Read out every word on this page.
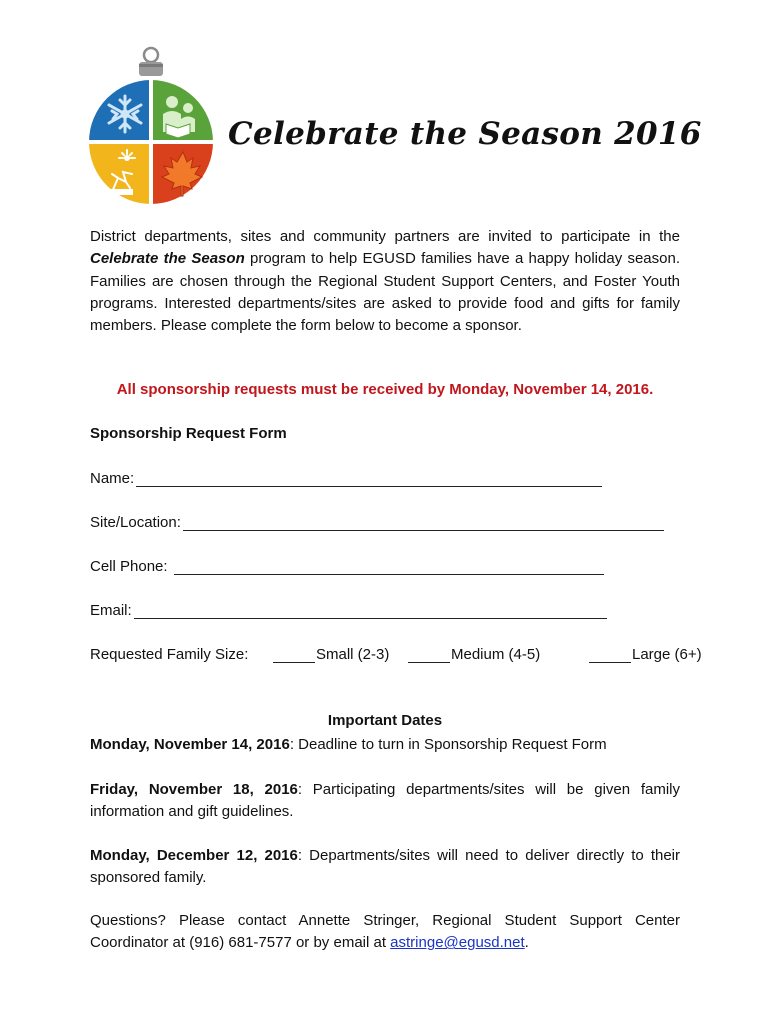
Celebrate the Season 2016

District departments, sites and community partners are invited to participate in the Celebrate the Season program to help EGUSD families have a happy holiday season. Families are chosen through the Regional Student Support Centers, and Foster Youth programs. Interested departments/sites are asked to provide food and gifts for family members. Please complete the form below to become a sponsor.

All sponsorship requests must be received by Monday, November 14, 2016.
Sponsorship Request Form
Name:
Site/Location:
Cell Phone:
Email:
Requested Family Size:	Small (2-3)	Medium (4-5)	Large (6+)
Important Dates

Monday, November 14, 2016: Deadline to turn in Sponsorship Request Form

Friday, November 18, 2016: Participating departments/sites will be given family information and gift guidelines.

Monday, December 12, 2016: Departments/sites will need to deliver directly to their sponsored family.

Questions? Please contact Annette Stringer, Regional Student Support Center Coordinator at (916) 681-7577 or by email at astringe@egusd.net.
